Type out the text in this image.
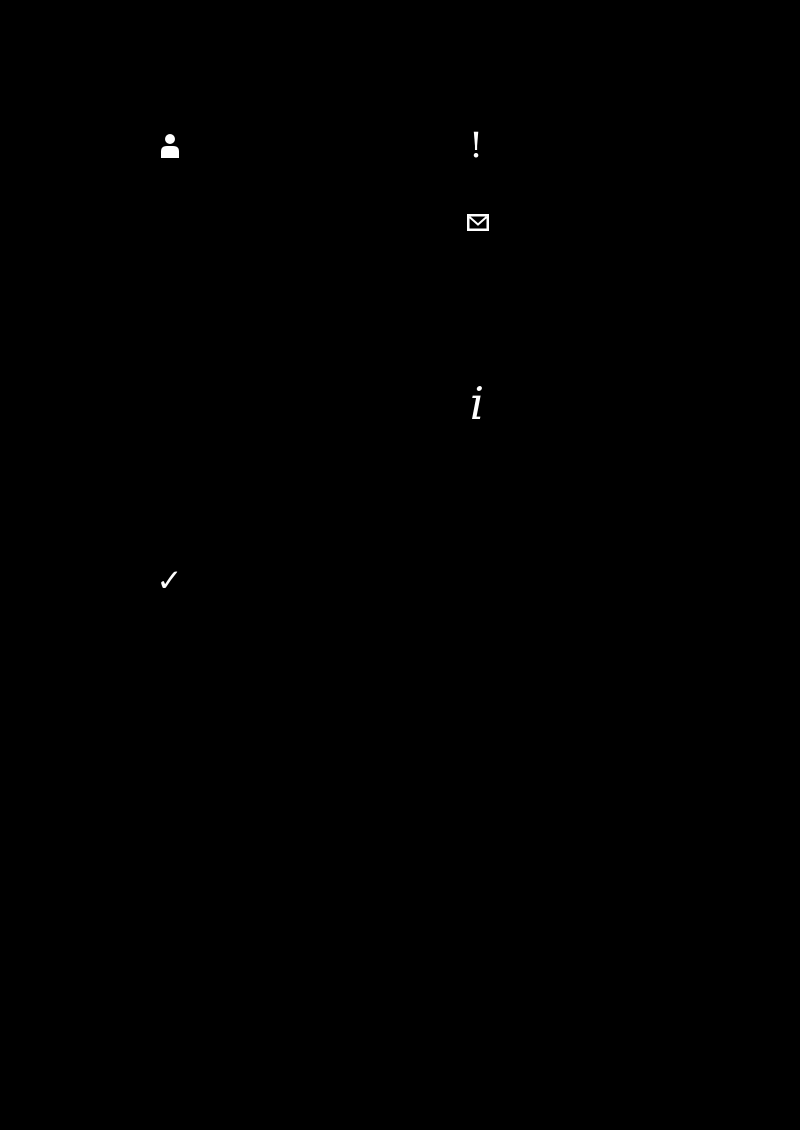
!
i
✓
